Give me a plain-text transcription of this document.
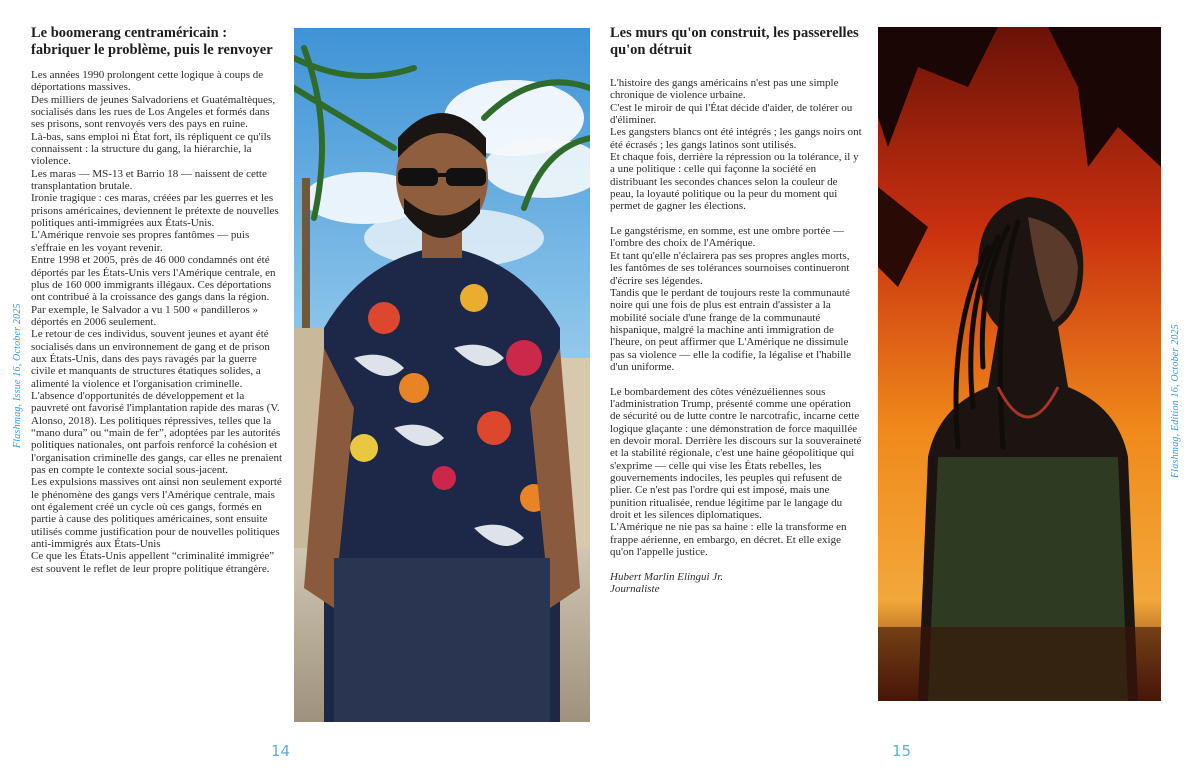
Flashmag, Issue 16, October 2025
Le boomerang centraméricain : fabriquer le problème, puis le renvoyer

Les années 1990 prolongent cette logique à coups de déportations massives.

Des milliers de jeunes Salvadoriens et Guatémaltèques, socialisés dans les rues de Los Angeles et formés dans ses prisons, sont renvoyés vers des pays en ruine.

Là-bas, sans emploi ni État fort, ils répliquent ce qu'ils connaissent : la structure du gang, la hiérarchie, la violence.

Les maras — MS-13 et Barrio 18 — naissent de cette transplantation brutale.

Ironie tragique : ces maras, créées par les guerres et les prisons américaines, deviennent le prétexte de nouvelles politiques anti-immigrées aux États-Unis.

L'Amérique renvoie ses propres fantômes — puis s'effraie en les voyant revenir.

Entre 1998 et 2005, près de 46 000 condamnés ont été déportés par les États-Unis vers l'Amérique centrale, en plus de 160 000 immigrants illégaux. Ces déportations ont contribué à la croissance des gangs dans la région. Par exemple, le Salvador a vu 1 500 « pandilleros » déportés en 2006 seulement.

Le retour de ces individus, souvent jeunes et ayant été socialisés dans un environnement de gang et de prison aux États-Unis, dans des pays ravagés par la guerre civile et manquants de structures étatiques solides, a alimenté la violence et l'organisation criminelle. L'absence d'opportunités de développement et la pauvreté ont favorisé l'implantation rapide des maras (V. Alonso, 2018). Les politiques répressives, telles que la “mano dura” ou “main de fer”, adoptées par les autorités politiques nationales, ont parfois renforcé la cohésion et l'organisation criminelle des gangs, car elles ne prenaient pas en compte le contexte social sous-jacent.

Les expulsions massives ont ainsi non seulement exporté le phénomène des gangs vers l'Amérique centrale, mais ont également créé un cycle où ces gangs, formés en partie à cause des politiques américaines, sont ensuite utilisés comme justification pour de nouvelles politiques anti-immigrés aux États-Unis

Ce que les États-Unis appellent “criminalité immigrée” est souvent le reflet de leur propre politique étrangère.

14
Les murs qu'on construit, les passerelles qu'on détruit

L'histoire des gangs américains n'est pas une simple chronique de violence urbaine.

C'est le miroir de qui l'État décide d'aider, de tolérer ou d'éliminer.

Les gangsters blancs ont été intégrés ; les gangs noirs ont été écrasés ; les gangs latinos sont utilisés.

Et chaque fois, derrière la répression ou la tolérance, il y a une politique : celle qui façonne la société en distribuant les secondes chances selon la couleur de peau, la loyauté politique ou la peur du moment qui permet de gagner les élections.

Le gangstérisme, en somme, est une ombre portée — l'ombre des choix de l'Amérique.

Et tant qu'elle n'éclairera pas ses propres angles morts, les fantômes de ses tolérances sournoises continueront d'écrire ses légendes.

Tandis que le perdant de toujours reste la communauté noire qui une fois de plus est entrain d'assister a la mobilité sociale d'une frange de la communauté hispanique, malgré la machine anti immigration de l'heure, on peut affirmer que L'Amérique ne dissimule pas sa violence — elle la codifie, la légalise et l'habille d'un uniforme.

Le bombardement des côtes vénézuéliennes sous l'administration Trump, présenté comme une opération de sécurité ou de lutte contre le narcotrafic, incarne cette logique glaçante : une démonstration de force maquillée en devoir moral. Derrière les discours sur la souveraineté et la stabilité régionale, c'est une haine géopolitique qui s'exprime — celle qui vise les États rebelles, les gouvernements indociles, les peuples qui refusent de plier. Ce n'est pas l'ordre qui est imposé, mais une punition ritualisée, rendue légitime par le langage du droit et les silences diplomatiques.

L'Amérique ne nie pas sa haine : elle la transforme en frappe aérienne, en embargo, en décret. Et elle exige qu'on l'appelle justice.

Hubert Marlin Elingui Jr.

Journaliste

15
Flashmag, Edition 16, October 2025
